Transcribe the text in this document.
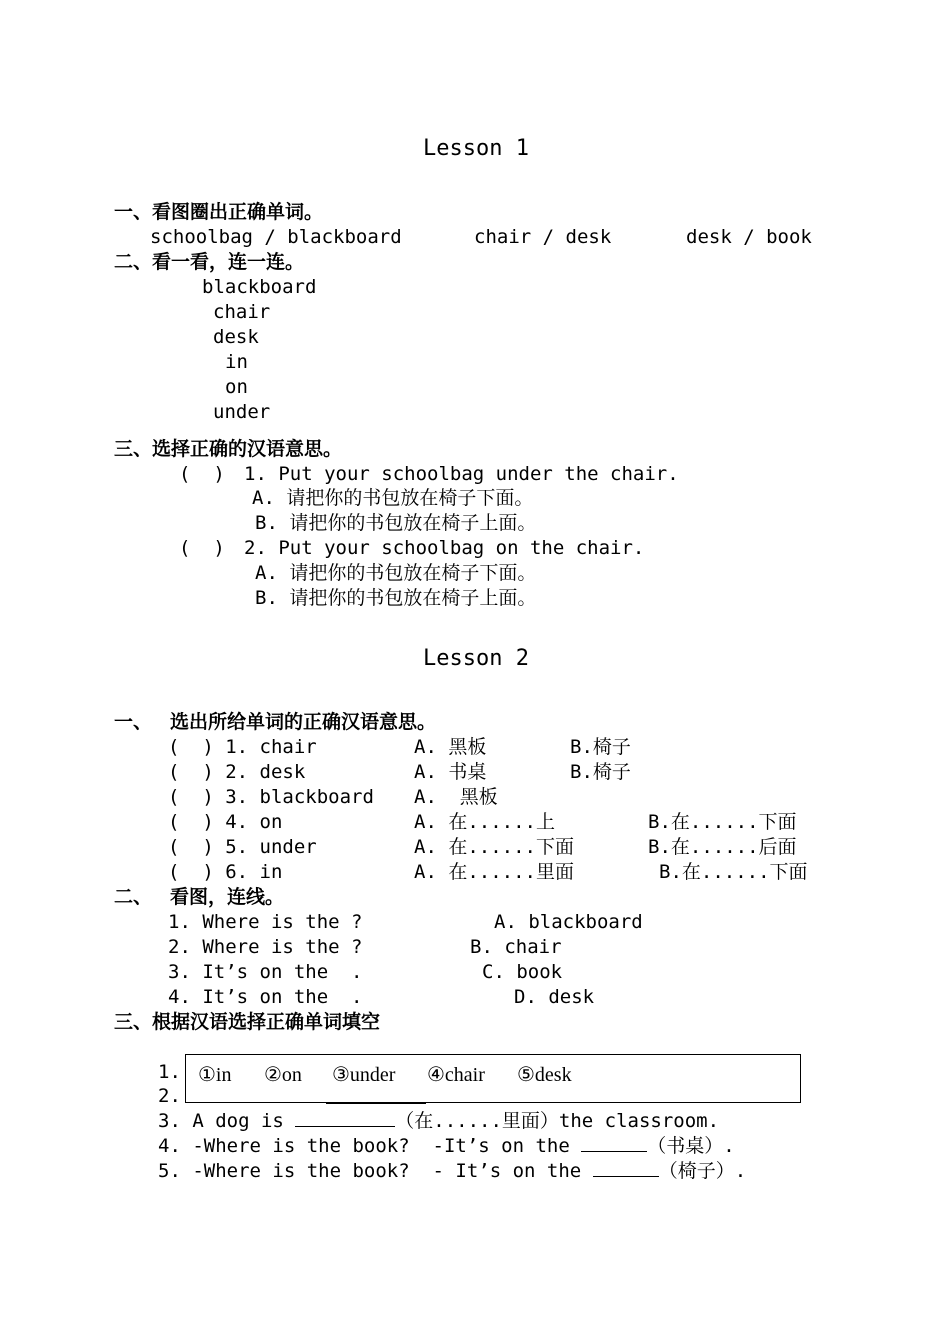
Lesson 1
一、看图圈出正确单词。
schoolbag / blackboard	chair / desk	desk / book
二、看一看，连一连。
blackboard
chair
desk
in
on
under
三、选择正确的汉语意思。
(  ) 1. Put your schoolbag under the chair.
A. 请把你的书包放在椅子下面。
B. 请把你的书包放在椅子上面。
(  ) 2. Put your schoolbag on the chair.
A. 请把你的书包放在椅子下面。
B. 请把你的书包放在椅子上面。
Lesson 2
一、 选出所给单词的正确汉语意思。
(  ) 1. chair	A. 黑板	B.椅子
(  ) 2. desk	A. 书桌	B.椅子
(  ) 3. blackboard A.  黑板
(  ) 4. on	A. 在......上	B.在......下面
(  ) 5. under	A. 在......下面	B.在......后面
(  ) 6. in	A. 在......里面	B.在......下面
二、 看图，连线。
1. Where is the ?	A. blackboard
2. Where is the ?	B. chair
3. It’s on the  .	C. book
4. It’s on the  .	D. desk
三、根据汉语选择正确单词填空
1.
2.
①in ②on ③under ④chair ⑤desk
3. A dog is	（在......里面）the classroom.
4. -Where is the book?  -It’s on the	（书桌）.
5. -Where is the book?  - It’s on the	（椅子）.
